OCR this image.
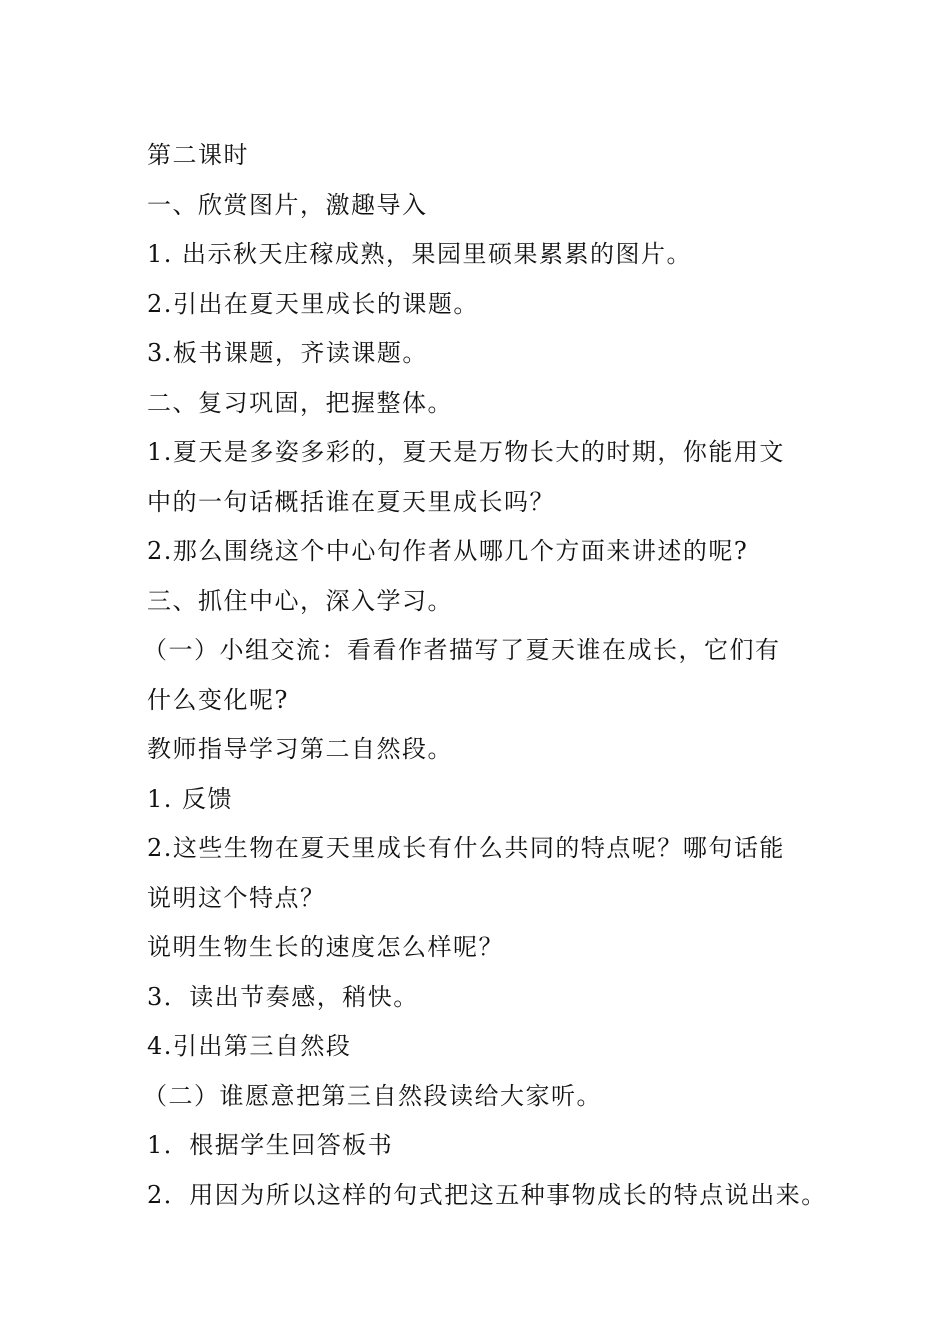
第二课时
一、欣赏图片，激趣导入
1. 出示秋天庄稼成熟，果园里硕果累累的图片。
2.引出在夏天里成长的课题。
3.板书课题，齐读课题。
二、复习巩固，把握整体。
1.夏天是多姿多彩的，夏天是万物长大的时期，你能用文
中的一句话概括谁在夏天里成长吗？
2.那么围绕这个中心句作者从哪几个方面来讲述的呢?
三、抓住中心，深入学习。
（一）小组交流：看看作者描写了夏天谁在成长，它们有
什么变化呢?
教师指导学习第二自然段。
1. 反馈
2.这些生物在夏天里成长有什么共同的特点呢？哪句话能
说明这个特点？
说明生物生长的速度怎么样呢？
3．读出节奏感，稍快。
4.引出第三自然段
（二）谁愿意把第三自然段读给大家听。
1．根据学生回答板书
2．用因为所以这样的句式把这五种事物成长的特点说出来。
